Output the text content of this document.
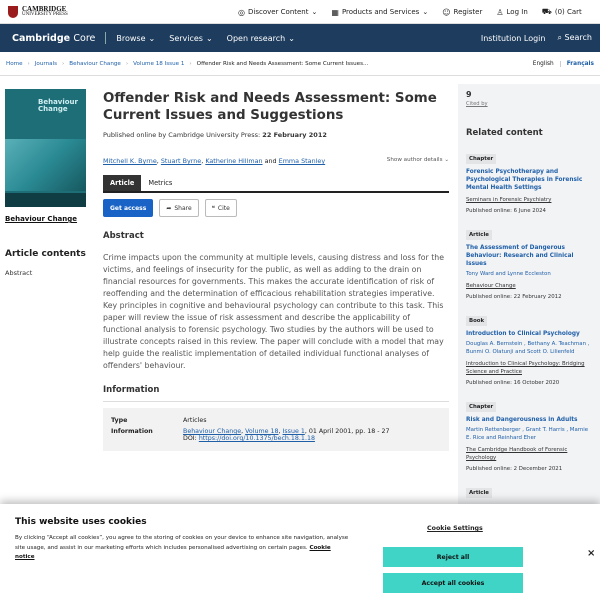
CAMBRIDGE
UNIVERSITY PRESS	◎ Discover Content ⌄ ▦ Products and Services ⌄ ☺ Register ♙ Log In ⛟ (0) Cart
Cambridge Core	Browse ⌄ Services ⌄ Open research ⌄	Institution Login ⌕ Search
Home › Journals › Behaviour Change › Volume 18 Issue 1 › Offender Risk and Needs Assessment: Some Current Issues...	English	Français
Behaviour Change
Behaviour Change
Article contents
Abstract
Offender Risk and Needs Assessment: Some Current Issues and Suggestions
Published online by Cambridge University Press: 22 February 2012
Mitchell K. Byrne, Stuart Byrne, Katherine Hillman and Emma Stanley	Show author details ⌄
Article	Metrics
Get access	➦ Share	❝ Cite
Abstract

Crime impacts upon the community at multiple levels, causing distress and loss for the victims, and feelings of insecurity for the public, as well as adding to the drain on financial resources for governments. This makes the accurate identification of risk of reoffending and the determination of efficacious rehabilitation strategies imperative. Key principles in cognitive and behavioural psychology can contribute to this task. This paper will review the issue of risk assessment and describe the applicability of functional analysis to forensic psychology. Two studies by the authors will be used to illustrate concepts raised in this review. The paper will conclude with a model that may help guide the realistic implementation of detailed individual functional analyses of offenders' behaviour.

Information
Type	Articles
Information	Behaviour Change, Volume 18, Issue 1, 01 April 2001, pp. 18 - 27
DOI: https://doi.org/10.1375/bech.18.1.18
9
Cited by
Related content
Chapter
Forensic Psychotherapy and Psychological Therapies in Forensic Mental Health Settings
Seminars in Forensic Psychiatry
Published online: 6 June 2024
Article
The Assessment of Dangerous Behaviour: Research and Clinical Issues
Tony Ward and Lynne Eccleston
Behaviour Change
Published online: 22 February 2012
Book
Introduction to Clinical Psychology
Douglas A. Bernstein , Bethany A. Teachman , Bunmi O. Olatunji and Scott O. Lilienfeld
Introduction to Clinical Psychology: Bridging Science and Practice
Published online: 16 October 2020
Chapter
Risk and Dangerousness in Adults
Martin Rettenberger , Grant T. Harris , Marnie E. Rice and Reinhard Eher
The Cambridge Handbook of Forensic Psychology
Published online: 2 December 2021
Article
This website uses cookies
By clicking “Accept all cookies”, you agree to the storing of cookies on your device to enhance site navigation, analyse site usage, and assist in our marketing efforts which includes personalised advertising on certain pages. Cookie notice
Cookie Settings
Reject all
Accept all cookies
×
